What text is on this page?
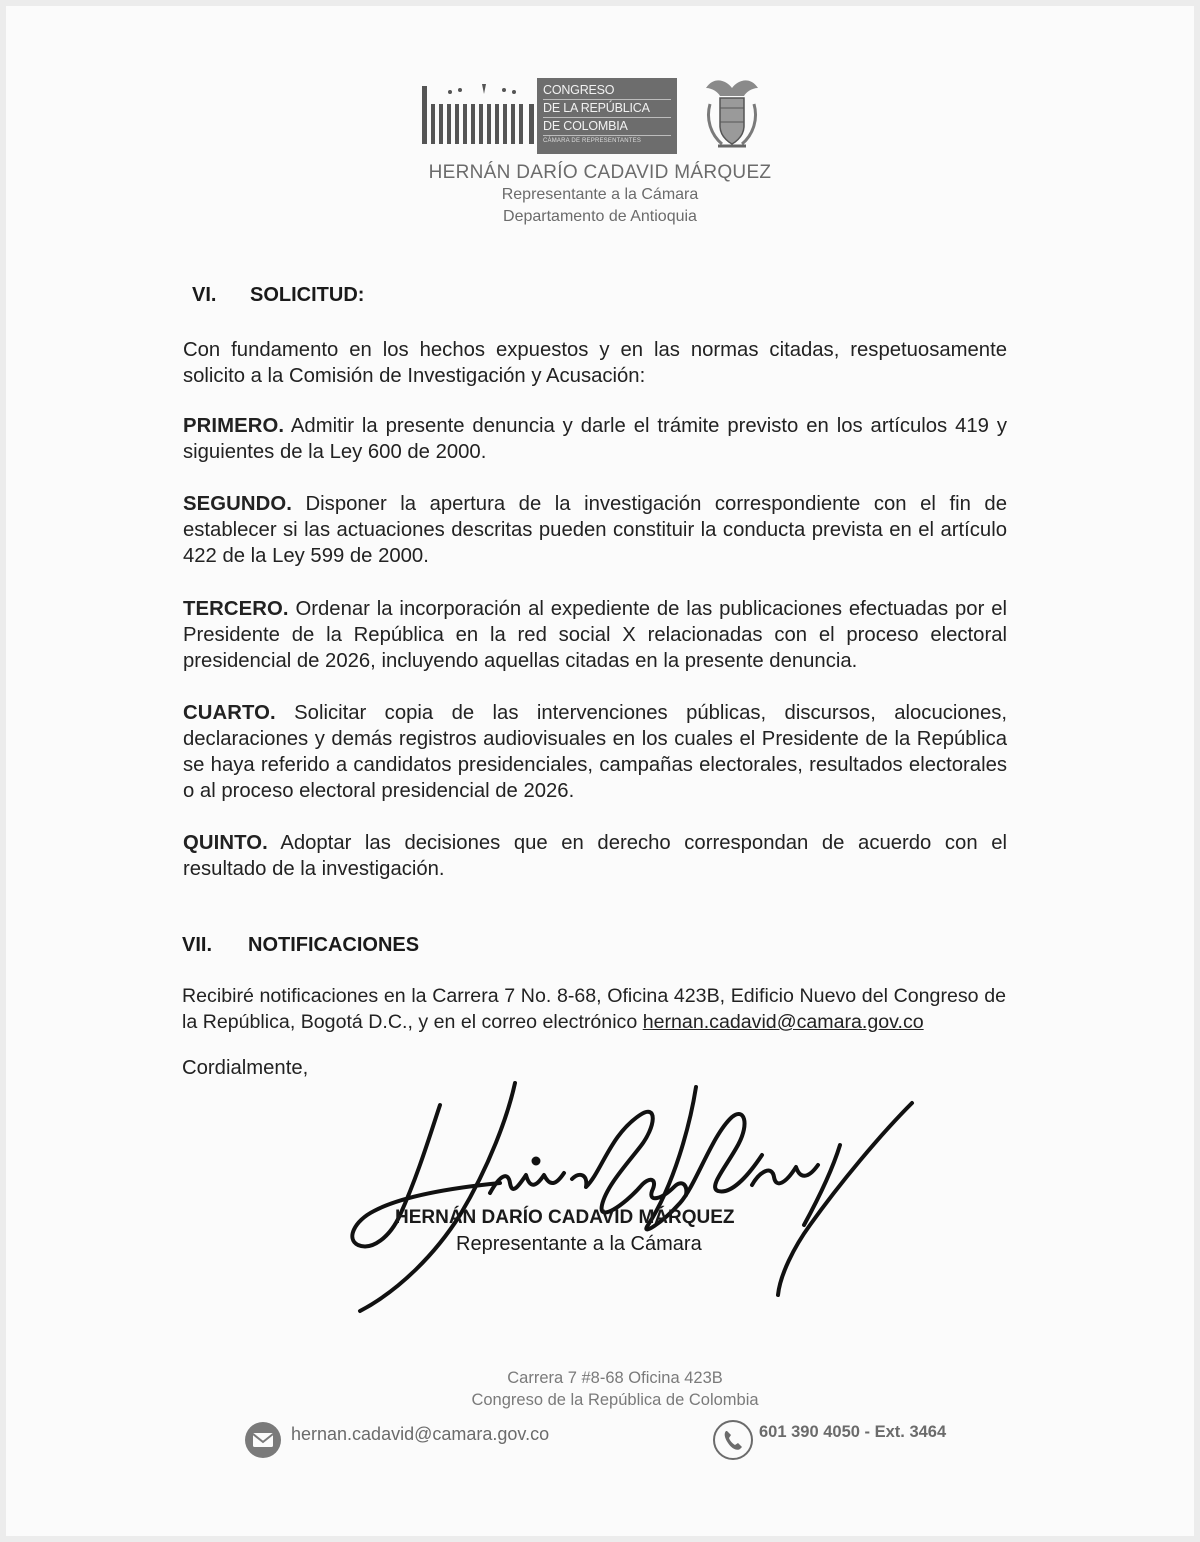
CONGRESO
DE LA REPÚBLICA
DE COLOMBIA
CÁMARA DE REPRESENTANTES
HERNÁN DARÍO CADAVID MÁRQUEZ
Representante a la Cámara
Departamento de Antioquia
VI. SOLICITUD:

Con fundamento en los hechos expuestos y en las normas citadas, respetuosamente solicito a la Comisión de Investigación y Acusación:

PRIMERO. Admitir la presente denuncia y darle el trámite previsto en los artículos 419 y siguientes de la Ley 600 de 2000.

SEGUNDO. Disponer la apertura de la investigación correspondiente con el fin de establecer si las actuaciones descritas pueden constituir la conducta prevista en el artículo 422 de la Ley 599 de 2000.

TERCERO. Ordenar la incorporación al expediente de las publicaciones efectuadas por el Presidente de la República en la red social X relacionadas con el proceso electoral presidencial de 2026, incluyendo aquellas citadas en la presente denuncia.

CUARTO. Solicitar copia de las intervenciones públicas, discursos, alocuciones, declaraciones y demás registros audiovisuales en los cuales el Presidente de la República se haya referido a candidatos presidenciales, campañas electorales, resultados electorales o al proceso electoral presidencial de 2026.

QUINTO. Adoptar las decisiones que en derecho correspondan de acuerdo con el resultado de la investigación.

VII. NOTIFICACIONES

Recibiré notificaciones en la Carrera 7 No. 8-68, Oficina 423B, Edificio Nuevo del Congreso de la República, Bogotá D.C., y en el correo electrónico hernan.cadavid@camara.gov.co

Cordialmente,

HERNÁN DARÍO CADAVID MÁRQUEZ
Representante a la Cámara
Carrera 7 #8-68 Oficina 423B
Congreso de la República de Colombia
hernan.cadavid@camara.gov.co	601 390 4050 - Ext. 3464
